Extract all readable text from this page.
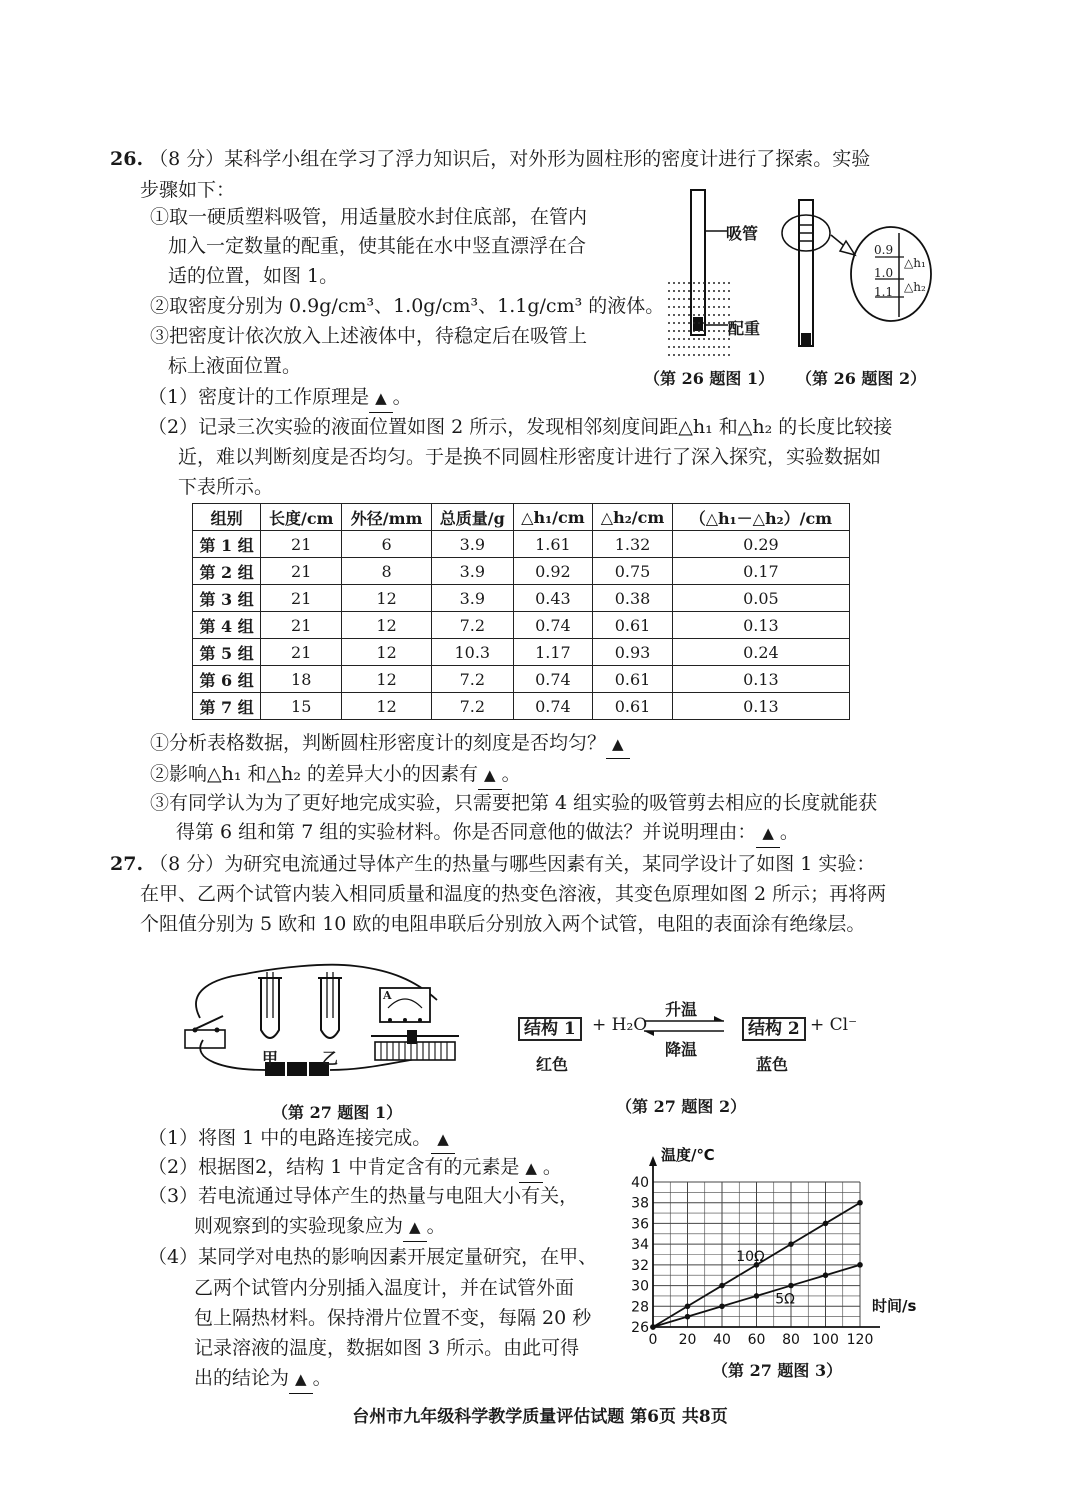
26. （8 分）某科学小组在学习了浮力知识后，对外形为圆柱形的密度计进行了探索。实验
步骤如下：
①取一硬质塑料吸管，用适量胶水封住底部，在管内
加入一定数量的配重，使其能在水中竖直漂浮在合
适的位置，如图 1。
②取密度分别为 0.9g/cm³、1.0g/cm³、1.1g/cm³ 的液体。
③把密度计依次放入上述液体中，待稳定后在吸管上
标上液面位置。
吸管
配重
0.9
1.0
1.1
△h₁
△h₂
（第 26 题图 1） （第 26 题图 2）
（1）密度计的工作原理是 ▲ 。
（2）记录三次实验的液面位置如图 2 所示，发现相邻刻度间距△h₁ 和△h₂ 的长度比较接
近，难以判断刻度是否均匀。于是换不同圆柱形密度计进行了深入探究，实验数据如
下表所示。
组别	长度/cm	外径/mm	总质量/g	△h₁/cm	△h₂/cm	（△h₁－△h₂）/cm
第 1 组	21	6	3.9	1.61	1.32	0.29
第 2 组	21	8	3.9	0.92	0.75	0.17
第 3 组	21	12	3.9	0.43	0.38	0.05
第 4 组	21	12	7.2	0.74	0.61	0.13
第 5 组	21	12	10.3	1.17	0.93	0.24
第 6 组	18	12	7.2	0.74	0.61	0.13
第 7 组	15	12	7.2	0.74	0.61	0.13
①分析表格数据，判断圆柱形密度计的刻度是否均匀？ ▲
②影响△h₁ 和△h₂ 的差异大小的因素有 ▲ 。
③有同学认为为了更好地完成实验，只需要把第 4 组实验的吸管剪去相应的长度就能获
得第 6 组和第 7 组的实验材料。你是否同意他的做法？并说明理由： ▲ 。
27. （8 分）为研究电流通过导体产生的热量与哪些因素有关，某同学设计了如图 1 实验：
在甲、乙两个试管内装入相同质量和温度的热变色溶液，其变色原理如图 2 所示；再将两
个阻值分别为 5 欧和 10 欧的电阻串联后分别放入两个试管，电阻的表面涂有绝缘层。
A
甲	乙
（第 27 题图 1）
结构 1 + H₂O
升温
降温
结构 2 + Cl⁻
红色	蓝色
（第 27 题图 2）
（1）将图 1 中的电路连接完成。 ▲
（2）根据图2，结构 1 中肯定含有的元素是 ▲ 。
（3）若电流通过导体产生的热量与电阻大小有关，
则观察到的实验现象应为 ▲ 。
（4）某同学对电热的影响因素开展定量研究，在甲、
乙两个试管内分别插入温度计，并在试管外面
包上隔热材料。保持滑片位置不变，每隔 20 秒
记录溶液的温度，数据如图 3 所示。由此可得
出的结论为 ▲ 。
温度/℃
时间/s
26
28
30
32
34
36
38
40
0 20 40 60 80 100 120
10Ω
5Ω
（第 27 题图 3）
台州市九年级科学教学质量评估试题 第6页 共8页
